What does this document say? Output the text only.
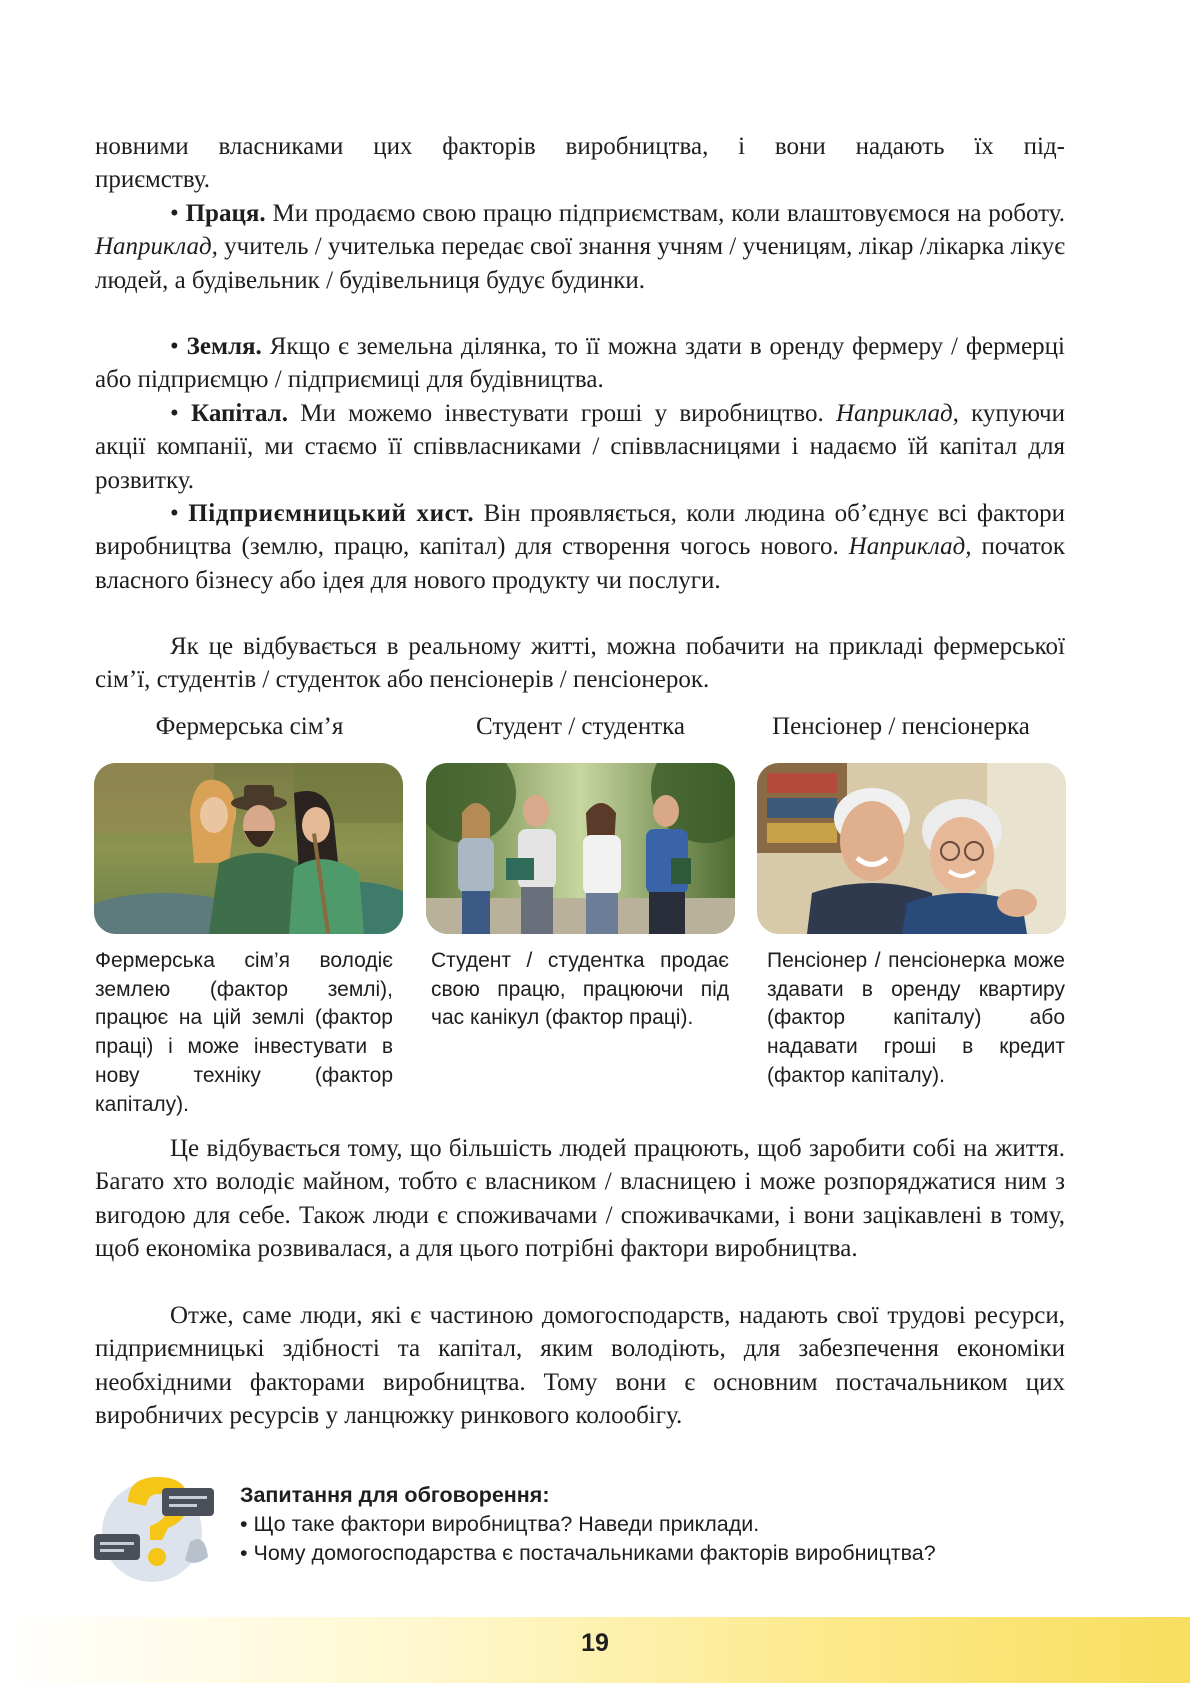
новними власниками цих факторів виробництва, і вони надають їх під-
приємству.

• Праця. Ми продаємо свою працю підприємствам, коли влаштовуємося на роботу. Наприклад, учитель / учителька передає свої знання учням / ученицям, лікар /лікарка лікує людей, а будівельник / будівельниця будує будинки.

• Земля. Якщо є земельна ділянка, то її можна здати в оренду фермеру / фермерці або підприємцю / підприємиці для будівництва.

• Капітал. Ми можемо інвестувати гроші у виробництво. Наприклад, купуючи акції компанії, ми стаємо її співвласниками / співвласницями і надаємо їй капітал для розвитку.

• Підприємницький хист. Він проявляється, коли людина об’єднує всі фактори виробництва (землю, працю, капітал) для створення чогось нового. Наприклад, початок власного бізнесу або ідея для нового продукту чи послуги.

Як це відбувається в реальному житті, можна побачити на прикладі фермерської сім’ї, студентів / студенток або пенсіонерів / пенсіонерок.

Фермерська сім’я	Студент / студентка	Пенсіонер / пенсіонерка

Фермерська сім’я володіє землею (фактор землі), працює на цій землі (фактор праці) і може інвестувати в нову техніку (фактор капіталу).

Студент / студентка продає свою працю, працюючи під час канікул (фактор праці).

Пенсіонер / пенсіонерка може здавати в оренду квартиру (фактор капіталу) або надавати гроші в кредит (фактор капіталу).

Це відбувається тому, що більшість людей працюють, щоб заробити собі на життя. Багато хто володіє майном, тобто є власником / власницею і може розпоряджатися ним з вигодою для себе. Також люди є споживачами / споживачками, і вони зацікавлені в тому, щоб економіка розвивалася, а для цього потрібні фактори виробництва.

Отже, саме люди, які є частиною домогосподарств, надають свої трудові ресурси, підприємницькі здібності та капітал, яким володіють, для забезпечення економіки необхідними факторами виробництва. Тому вони є основним постачальником цих виробничих ресурсів у ланцюжку ринкового колообігу.

Запитання для обговорення:
• Що таке фактори виробництва? Наведи приклади.
• Чому домогосподарства є постачальниками факторів виробництва?
19
